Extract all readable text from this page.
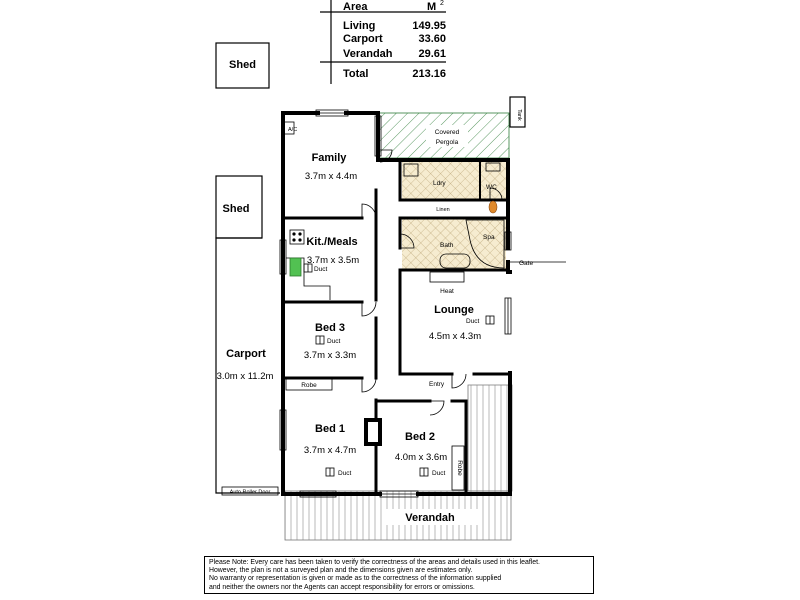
Area	M 2
Living	149.95
Carport	33.60
Verandah 29.61
Total	213.16
Shed
Shed
Carport
3.0m x 11.2m
Auto Roller Door
Verandah
Covered
Pergola
Tank
Robe
Robe
Gate
Family
3.7m x 4.4m
Kit./Meals
3.7m x 3.5m
Duct
Bed 3
Duct
3.7m x 3.3m
Bed 1
3.7m x 4.7m
Duct
Bed 2
4.0m x 3.6m
Duct
Lounge
Duct
4.5m x 4.3m
Heat
Entry
Ldry
WC
Linen
Bath
Spa
A/C
Please Note: Every care has been taken to verify the correctness of the areas and details used in this leaflet.
However, the plan is not a surveyed plan and the dimensions given are estimates only.
No warranty or representation is given or made as to the correctness of the information supplied
and neither the owners nor the Agents can accept responsibility for errors or omissions.
